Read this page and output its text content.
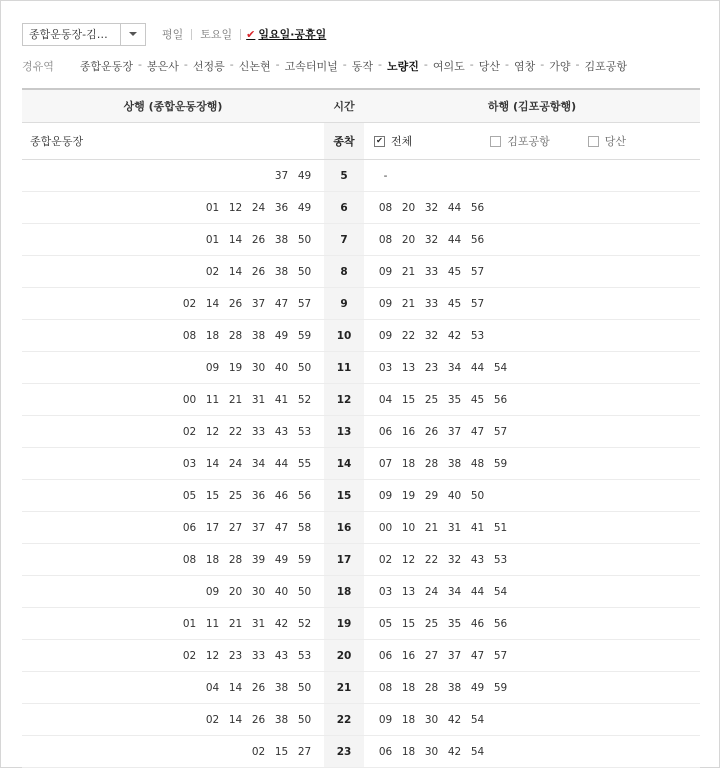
종합운동장-김…	평일 토요일 ✔ 일요일·공휴일
경유역 종합운동장 - 봉은사 - 선정릉 - 신논현 - 고속터미널 - 동작 - 노량진 - 여의도 - 당산 - 염창 - 가양 - 김포공항
상행 (종합운동장행)	시간	하행 (김포공항행)
종합운동장	종착	✔ 전체	김포공항	당산
37 49	5	-
01 12 24 36 49	6	08 20 32 44 56
01 14 26 38 50	7	08 20 32 44 56
02 14 26 38 50	8	09 21 33 45 57
02 14 26 37 47 57	9	09 21 33 45 57
08 18 28 38 49 59	10	09 22 32 42 53
09 19 30 40 50	11	03 13 23 34 44 54
00 11 21 31 41 52	12	04 15 25 35 45 56
02 12 22 33 43 53	13	06 16 26 37 47 57
03 14 24 34 44 55	14	07 18 28 38 48 59
05 15 25 36 46 56	15	09 19 29 40 50
06 17 27 37 47 58	16	00 10 21 31 41 51
08 18 28 39 49 59	17	02 12 22 32 43 53
09 20 30 40 50	18	03 13 24 34 44 54
01 11 21 31 42 52	19	05 15 25 35 46 56
02 12 23 33 43 53	20	06 16 27 37 47 57
04 14 26 38 50	21	08 18 28 38 49 59
02 14 26 38 50	22	09 18 30 42 54
02 15 27	23	06 18 30 42 54
